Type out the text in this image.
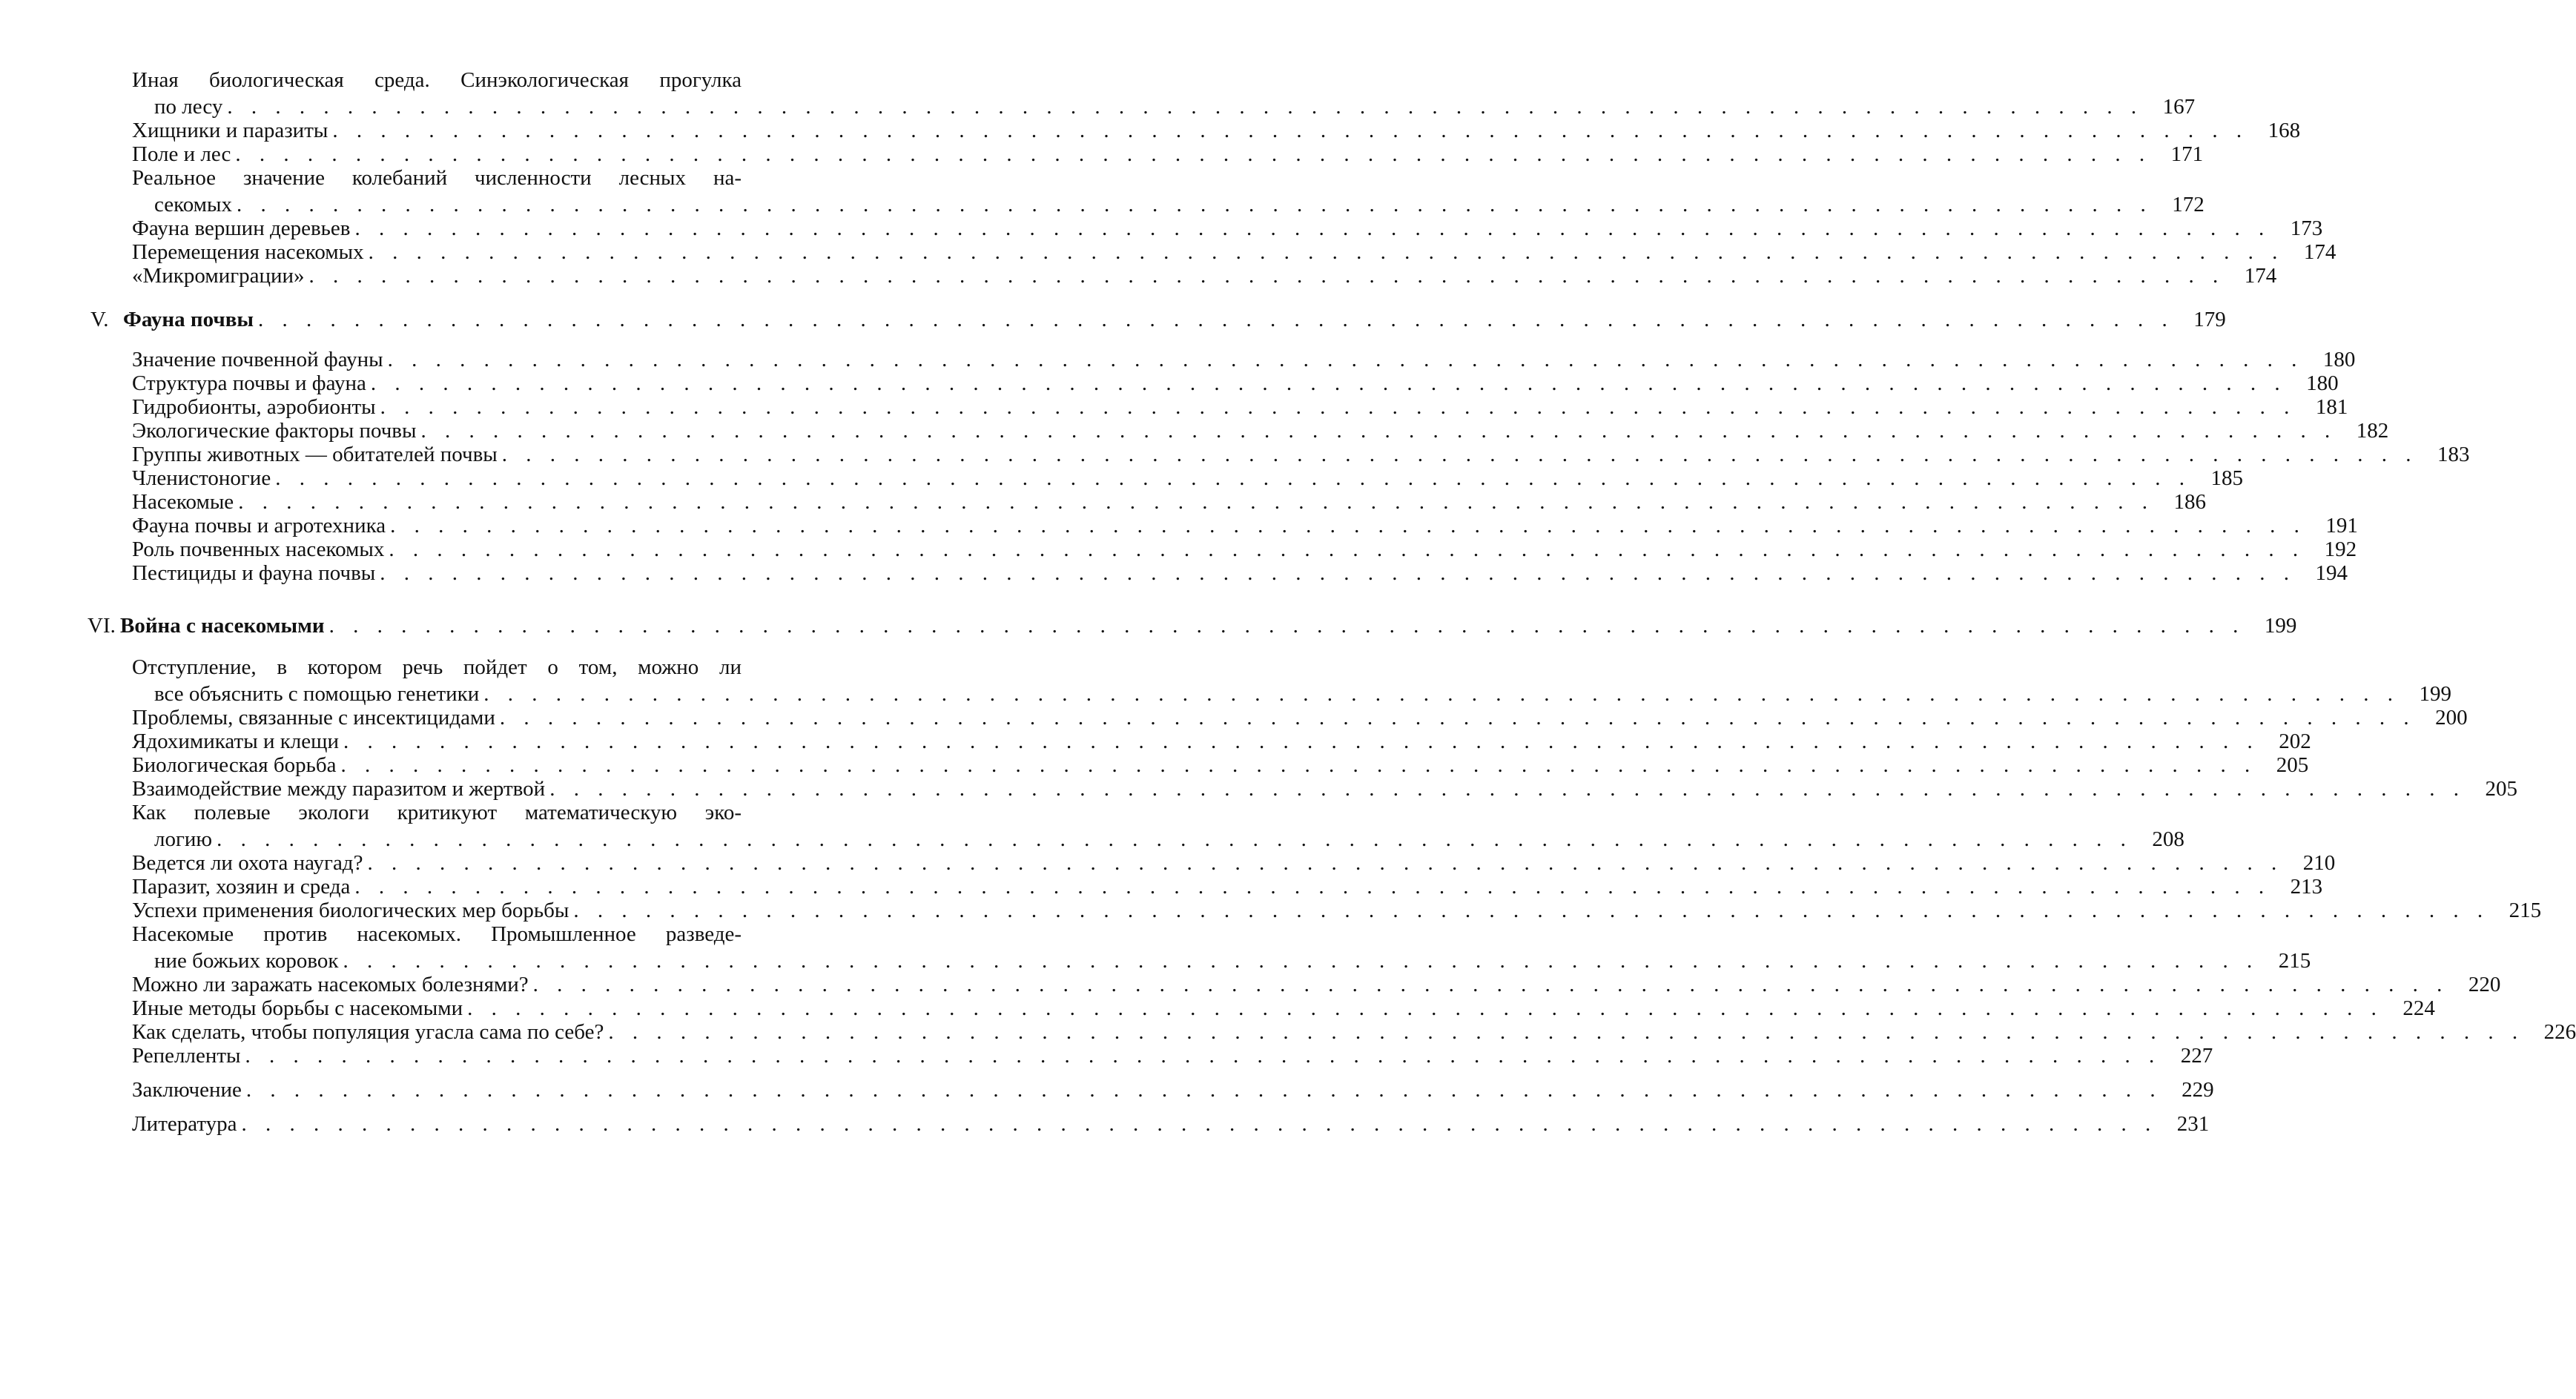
Иная биологическая среда. Синэкологическая прогулка
по лесу . . . . . . . . . . . . . . . . . . . . . . . . . . . . . . . . . . . . . . . . . . . . . . . . . . . . . . . . . . . . . . . . . . . . . . . . . . . . . . . . 167
Хищники и паразиты . . . . . . . . . . . . . . . . . . . . . . . . . . . . . . . . . . . . . . . . . . . . . . . . . . . . . . . . . . . . . . . . . . . . . . . . . . . . . . . . 168
Поле и лес . . . . . . . . . . . . . . . . . . . . . . . . . . . . . . . . . . . . . . . . . . . . . . . . . . . . . . . . . . . . . . . . . . . . . . . . . . . . . . . . 171
Реальное значение колебаний численности лесных на-
секомых . . . . . . . . . . . . . . . . . . . . . . . . . . . . . . . . . . . . . . . . . . . . . . . . . . . . . . . . . . . . . . . . . . . . . . . . . . . . . . . . 172
Фауна вершин деревьев . . . . . . . . . . . . . . . . . . . . . . . . . . . . . . . . . . . . . . . . . . . . . . . . . . . . . . . . . . . . . . . . . . . . . . . . . . . . . . . . 173
Перемещения насекомых . . . . . . . . . . . . . . . . . . . . . . . . . . . . . . . . . . . . . . . . . . . . . . . . . . . . . . . . . . . . . . . . . . . . . . . . . . . . . . . . 174
«Микромиграции» . . . . . . . . . . . . . . . . . . . . . . . . . . . . . . . . . . . . . . . . . . . . . . . . . . . . . . . . . . . . . . . . . . . . . . . . . . . . . . . . 174
V. Фауна почвы . . . . . . . . . . . . . . . . . . . . . . . . . . . . . . . . . . . . . . . . . . . . . . . . . . . . . . . . . . . . . . . . . . . . . . . . . . . . . . . . 179
Значение почвенной фауны . . . . . . . . . . . . . . . . . . . . . . . . . . . . . . . . . . . . . . . . . . . . . . . . . . . . . . . . . . . . . . . . . . . . . . . . . . . . . . . . 180
Структура почвы и фауна . . . . . . . . . . . . . . . . . . . . . . . . . . . . . . . . . . . . . . . . . . . . . . . . . . . . . . . . . . . . . . . . . . . . . . . . . . . . . . . . 180
Гидробионты, аэробионты . . . . . . . . . . . . . . . . . . . . . . . . . . . . . . . . . . . . . . . . . . . . . . . . . . . . . . . . . . . . . . . . . . . . . . . . . . . . . . . . 181
Экологические факторы почвы . . . . . . . . . . . . . . . . . . . . . . . . . . . . . . . . . . . . . . . . . . . . . . . . . . . . . . . . . . . . . . . . . . . . . . . . . . . . . . . . 182
Группы животных — обитателей почвы . . . . . . . . . . . . . . . . . . . . . . . . . . . . . . . . . . . . . . . . . . . . . . . . . . . . . . . . . . . . . . . . . . . . . . . . . . . . . . . . 183
Членистоногие . . . . . . . . . . . . . . . . . . . . . . . . . . . . . . . . . . . . . . . . . . . . . . . . . . . . . . . . . . . . . . . . . . . . . . . . . . . . . . . . 185
Насекомые . . . . . . . . . . . . . . . . . . . . . . . . . . . . . . . . . . . . . . . . . . . . . . . . . . . . . . . . . . . . . . . . . . . . . . . . . . . . . . . . 186
Фауна почвы и агротехника . . . . . . . . . . . . . . . . . . . . . . . . . . . . . . . . . . . . . . . . . . . . . . . . . . . . . . . . . . . . . . . . . . . . . . . . . . . . . . . . 191
Роль почвенных насекомых . . . . . . . . . . . . . . . . . . . . . . . . . . . . . . . . . . . . . . . . . . . . . . . . . . . . . . . . . . . . . . . . . . . . . . . . . . . . . . . . 192
Пестициды и фауна почвы . . . . . . . . . . . . . . . . . . . . . . . . . . . . . . . . . . . . . . . . . . . . . . . . . . . . . . . . . . . . . . . . . . . . . . . . . . . . . . . . 194
VI. Война с насекомыми . . . . . . . . . . . . . . . . . . . . . . . . . . . . . . . . . . . . . . . . . . . . . . . . . . . . . . . . . . . . . . . . . . . . . . . . . . . . . . . . 199
Отступление, в котором речь пойдет о том, можно ли
все объяснить с помощью генетики . . . . . . . . . . . . . . . . . . . . . . . . . . . . . . . . . . . . . . . . . . . . . . . . . . . . . . . . . . . . . . . . . . . . . . . . . . . . . . . . 199
Проблемы, связанные с инсектицидами . . . . . . . . . . . . . . . . . . . . . . . . . . . . . . . . . . . . . . . . . . . . . . . . . . . . . . . . . . . . . . . . . . . . . . . . . . . . . . . . 200
Ядохимикаты и клещи . . . . . . . . . . . . . . . . . . . . . . . . . . . . . . . . . . . . . . . . . . . . . . . . . . . . . . . . . . . . . . . . . . . . . . . . . . . . . . . . 202
Биологическая борьба . . . . . . . . . . . . . . . . . . . . . . . . . . . . . . . . . . . . . . . . . . . . . . . . . . . . . . . . . . . . . . . . . . . . . . . . . . . . . . . . 205
Взаимодействие между паразитом и жертвой . . . . . . . . . . . . . . . . . . . . . . . . . . . . . . . . . . . . . . . . . . . . . . . . . . . . . . . . . . . . . . . . . . . . . . . . . . . . . . . . 205
Как полевые экологи критикуют математическую эко-
логию . . . . . . . . . . . . . . . . . . . . . . . . . . . . . . . . . . . . . . . . . . . . . . . . . . . . . . . . . . . . . . . . . . . . . . . . . . . . . . . . 208
Ведется ли охота наугад? . . . . . . . . . . . . . . . . . . . . . . . . . . . . . . . . . . . . . . . . . . . . . . . . . . . . . . . . . . . . . . . . . . . . . . . . . . . . . . . . 210
Паразит, хозяин и среда . . . . . . . . . . . . . . . . . . . . . . . . . . . . . . . . . . . . . . . . . . . . . . . . . . . . . . . . . . . . . . . . . . . . . . . . . . . . . . . . 213
Успехи применения биологических мер борьбы . . . . . . . . . . . . . . . . . . . . . . . . . . . . . . . . . . . . . . . . . . . . . . . . . . . . . . . . . . . . . . . . . . . . . . . . . . . . . . . . 215
Насекомые против насекомых. Промышленное разведе-
ние божьих коровок . . . . . . . . . . . . . . . . . . . . . . . . . . . . . . . . . . . . . . . . . . . . . . . . . . . . . . . . . . . . . . . . . . . . . . . . . . . . . . . . 215
Можно ли заражать насекомых болезнями? . . . . . . . . . . . . . . . . . . . . . . . . . . . . . . . . . . . . . . . . . . . . . . . . . . . . . . . . . . . . . . . . . . . . . . . . . . . . . . . . 220
Иные методы борьбы с насекомыми . . . . . . . . . . . . . . . . . . . . . . . . . . . . . . . . . . . . . . . . . . . . . . . . . . . . . . . . . . . . . . . . . . . . . . . . . . . . . . . . 224
Как сделать, чтобы популяция угасла сама по себе? . . . . . . . . . . . . . . . . . . . . . . . . . . . . . . . . . . . . . . . . . . . . . . . . . . . . . . . . . . . . . . . . . . . . . . . . . . . . . . . . 226
Репелленты . . . . . . . . . . . . . . . . . . . . . . . . . . . . . . . . . . . . . . . . . . . . . . . . . . . . . . . . . . . . . . . . . . . . . . . . . . . . . . . . 227
Заключение . . . . . . . . . . . . . . . . . . . . . . . . . . . . . . . . . . . . . . . . . . . . . . . . . . . . . . . . . . . . . . . . . . . . . . . . . . . . . . . . 229
Литература . . . . . . . . . . . . . . . . . . . . . . . . . . . . . . . . . . . . . . . . . . . . . . . . . . . . . . . . . . . . . . . . . . . . . . . . . . . . . . . . 231
